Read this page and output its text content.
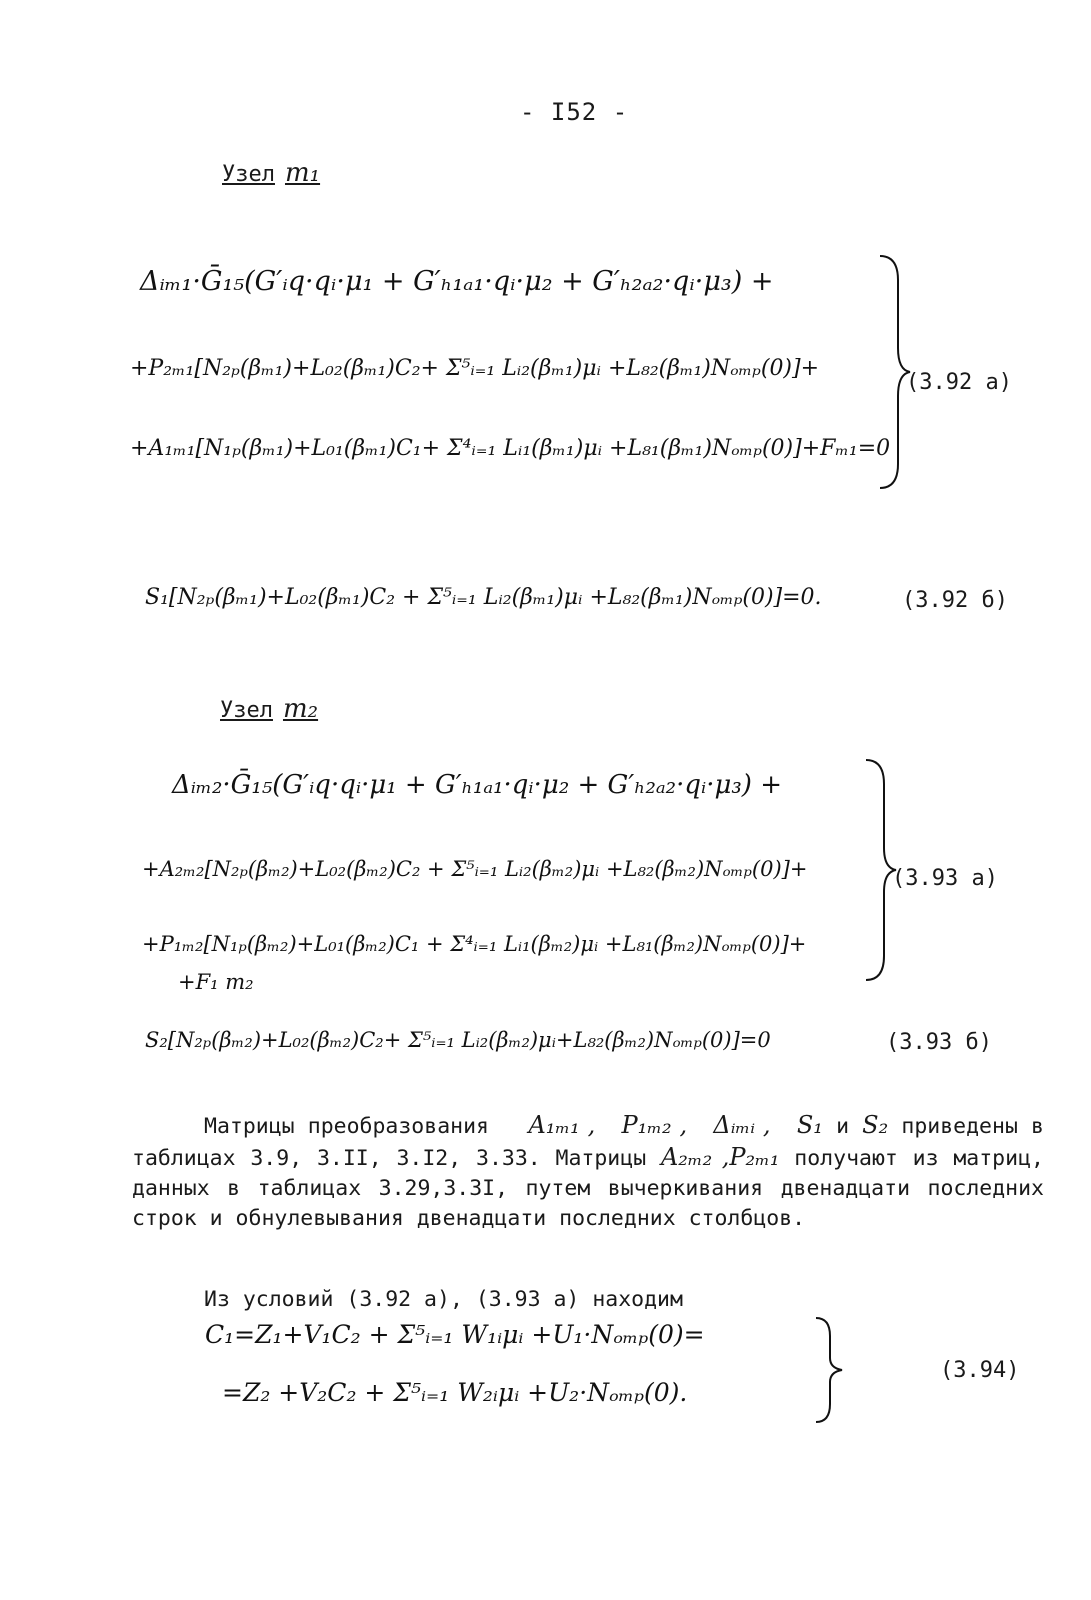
- I52 -
Узел m₁
Δᵢₘ₁·Ḡ₁₅(G′ᵢq·qᵢ·μ₁ + G′ₕ₁ₐ₁·qᵢ·μ₂ + G′ₕ₂ₐ₂·qᵢ·μ₃) +
+P₂ₘ₁[N₂ₚ(βₘ₁)+L₀₂(βₘ₁)C₂+ Σ⁵ᵢ₌₁ Lᵢ₂(βₘ₁)μᵢ +L₈₂(βₘ₁)Nₒₘₚ(0)]+
+A₁ₘ₁[N₁ₚ(βₘ₁)+L₀₁(βₘ₁)C₁+ Σ⁴ᵢ₌₁ Lᵢ₁(βₘ₁)μᵢ +L₈₁(βₘ₁)Nₒₘₚ(0)]+Fₘ₁=0
(3.92 a)
S₁[N₂ₚ(βₘ₁)+L₀₂(βₘ₁)C₂ + Σ⁵ᵢ₌₁ Lᵢ₂(βₘ₁)μᵢ +L₈₂(βₘ₁)Nₒₘₚ(0)]=0.	(3.92 б)
Узел m₂
Δᵢₘ₂·Ḡ₁₅(G′ᵢq·qᵢ·μ₁ + G′ₕ₁ₐ₁·qᵢ·μ₂ + G′ₕ₂ₐ₂·qᵢ·μ₃) +
+A₂ₘ₂[N₂ₚ(βₘ₂)+L₀₂(βₘ₂)C₂ + Σ⁵ᵢ₌₁ Lᵢ₂(βₘ₂)μᵢ +L₈₂(βₘ₂)Nₒₘₚ(0)]+
+P₁ₘ₂[N₁ₚ(βₘ₂)+L₀₁(βₘ₂)C₁ + Σ⁴ᵢ₌₁ Lᵢ₁(βₘ₂)μᵢ +L₈₁(βₘ₂)Nₒₘₚ(0)]+
+F₁ m₂
(3.93 a)
S₂[N₂ₚ(βₘ₂)+L₀₂(βₘ₂)C₂+ Σ⁵ᵢ₌₁ Lᵢ₂(βₘ₂)μᵢ+L₈₂(βₘ₂)Nₒₘₚ(0)]=0	(3.93 б)
Матрицы преобразования A₁ₘ₁ , P₁ₘ₂ , Δᵢₘᵢ , S₁ и S₂ приведены в таблицах 3.9, 3.II, 3.I2, 3.33. Матрицы A₂ₘ₂ ,P₂ₘ₁ получают из матриц, данных в таблицах 3.29,3.3I, путем вычеркивания двенадцати последних строк и обнулевывания двенадцати последних столбцов.
Из условий (3.92 а), (3.93 а) находим
C₁=Z₁+V₁C₂ + Σ⁵ᵢ₌₁ W₁ᵢμᵢ +U₁·Nₒₘₚ(0)=
=Z₂ +V₂C₂ + Σ⁵ᵢ₌₁ W₂ᵢμᵢ +U₂·Nₒₘₚ(0).
(3.94)
